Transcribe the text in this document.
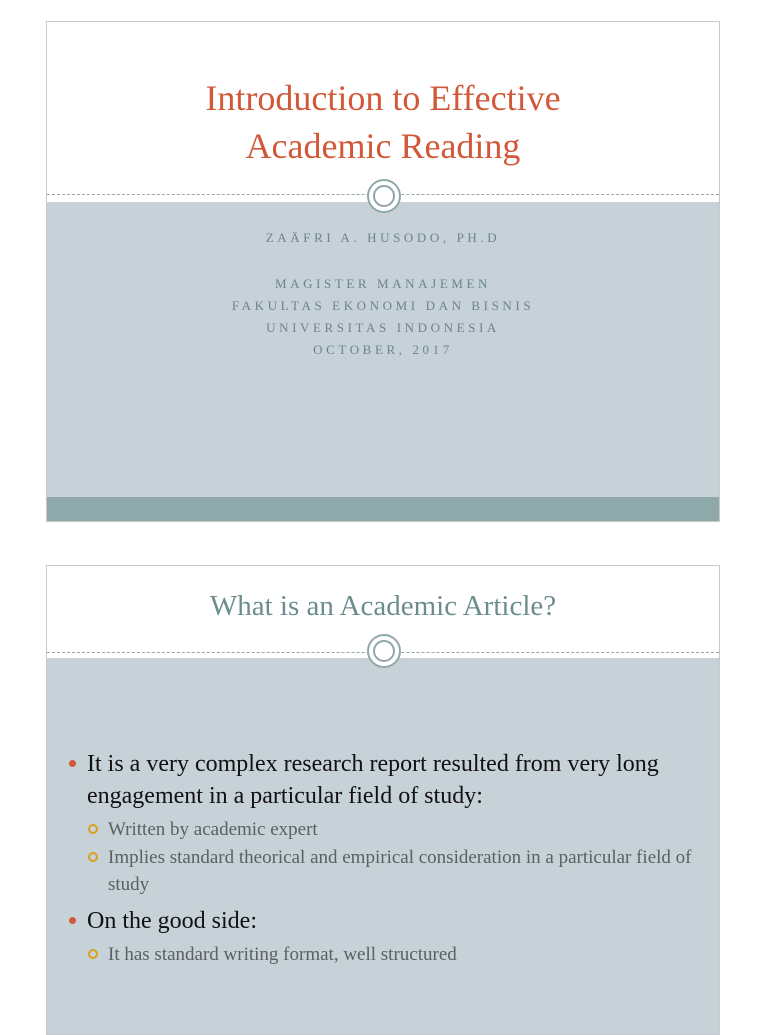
Introduction to Effective
Academic Reading
ZAÄFRI A. HUSODO, PH.D
MAGISTER MANAJEMEN
FAKULTAS EKONOMI DAN BISNIS
UNIVERSITAS INDONESIA
OCTOBER, 2017
What is an Academic Article?
It is a very complex research report resulted from very long engagement in a particular field of study:
Written by academic expert
Implies standard theorical and empirical consideration in a particular field of study
On the good side:
It has standard writing format, well structured
